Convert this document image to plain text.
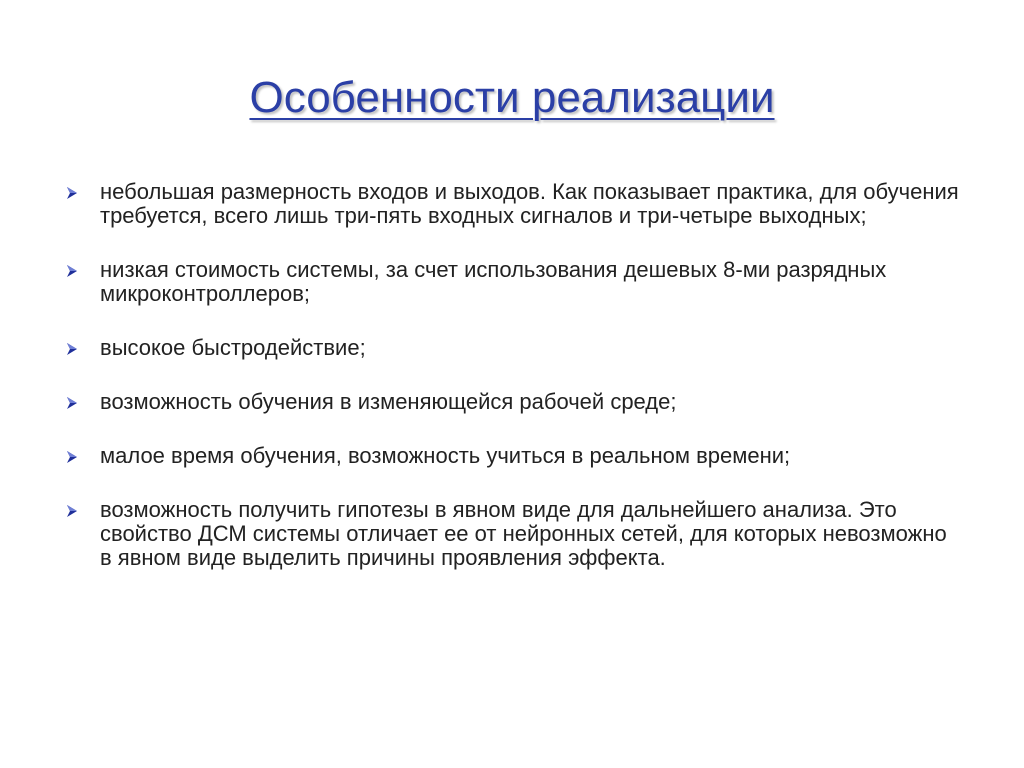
Особенности реализации
небольшая размерность входов и выходов. Как показывает практика, для обучения требуется, всего лишь три-пять входных сигналов и три-четыре выходных;
низкая стоимость системы, за счет использования дешевых 8-ми разрядных микроконтроллеров;
высокое быстродействие;
возможность обучения в изменяющейся рабочей среде;
малое время обучения, возможность учиться в реальном времени;
возможность получить гипотезы в явном виде для дальнейшего анализа. Это свойство ДСМ системы отличает ее от нейронных сетей, для которых невозможно в явном виде выделить причины проявления эффекта.
